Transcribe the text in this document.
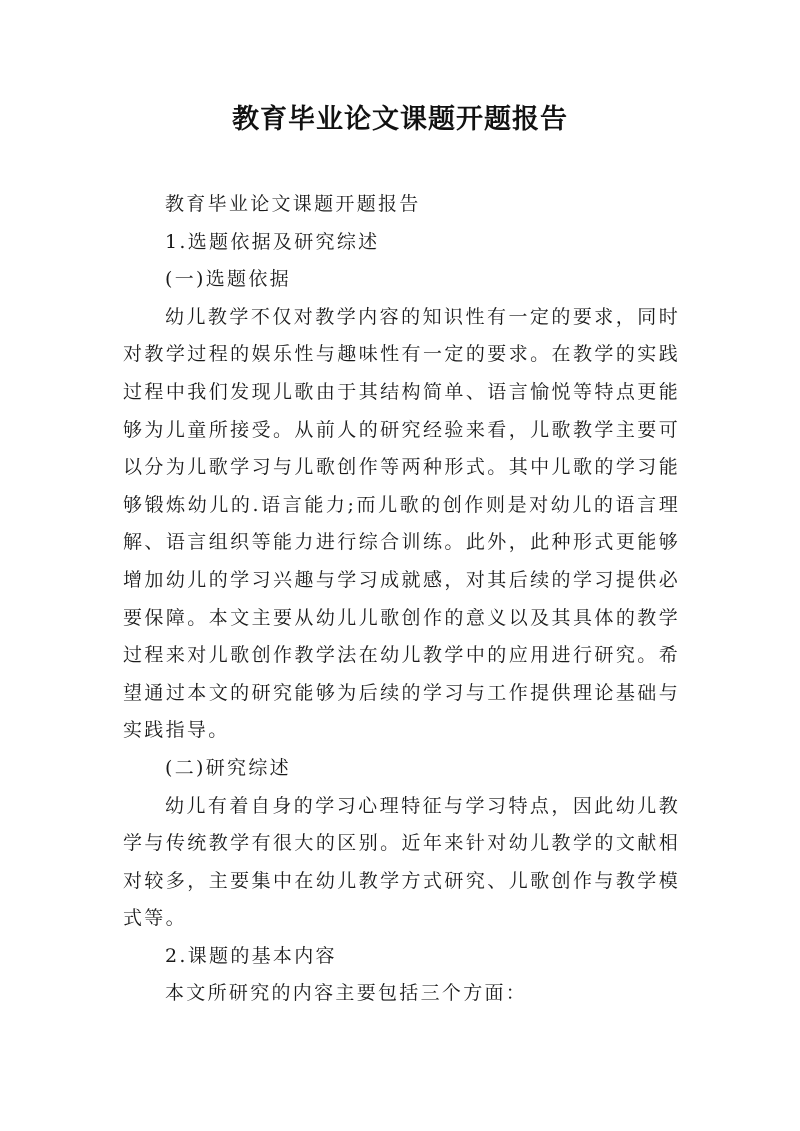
教育毕业论文课题开题报告
教育毕业论文课题开题报告
1.选题依据及研究综述
(一)选题依据
幼儿教学不仅对教学内容的知识性有一定的要求，同时对教学过程的娱乐性与趣味性有一定的要求。在教学的实践过程中我们发现儿歌由于其结构简单、语言愉悦等特点更能够为儿童所接受。从前人的研究经验来看，儿歌教学主要可以分为儿歌学习与儿歌创作等两种形式。其中儿歌的学习能够锻炼幼儿的.语言能力;而儿歌的创作则是对幼儿的语言理解、语言组织等能力进行综合训练。此外，此种形式更能够增加幼儿的学习兴趣与学习成就感，对其后续的学习提供必要保障。本文主要从幼儿儿歌创作的意义以及其具体的教学过程来对儿歌创作教学法在幼儿教学中的应用进行研究。希望通过本文的研究能够为后续的学习与工作提供理论基础与实践指导。
(二)研究综述
幼儿有着自身的学习心理特征与学习特点，因此幼儿教学与传统教学有很大的区别。近年来针对幼儿教学的文献相对较多，主要集中在幼儿教学方式研究、儿歌创作与教学模式等。
2.课题的基本内容
本文所研究的内容主要包括三个方面：
